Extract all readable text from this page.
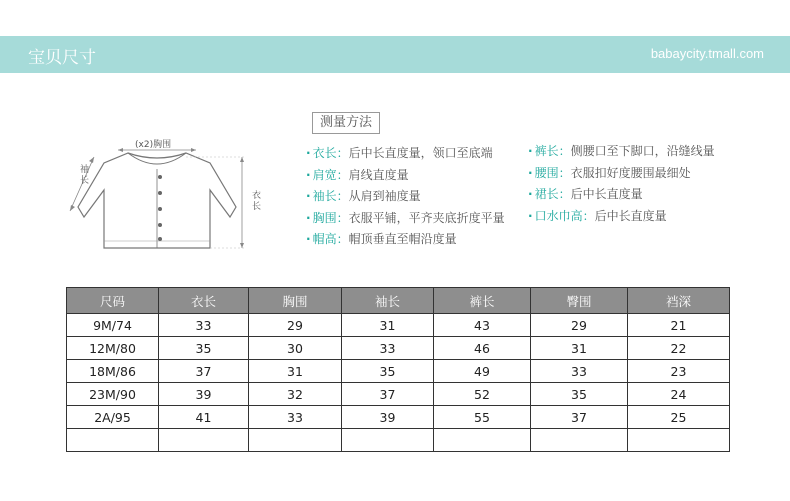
宝贝尺寸	babaycity.tmall.com
(x2)胸围
袖
长
衣
长
测量方法
· 衣长：后中长直度量，领口至底端
· 肩宽：肩线直度量
· 袖长：从肩到袖度量
· 胸围：衣服平铺，平齐夹底折度平量
· 帽高：帽顶垂直至帽沿度量
· 裤长：侧腰口至下脚口，沿缝线量
· 腰围：衣服扣好度腰围最细处
· 裙长：后中长直度量
· 口水巾高：后中长直度量
尺码	衣长	胸围	袖长	裤长	臀围	裆深
9M/74	33	29	31	43	29	21
12M/80	35	30	33	46	31	22
18M/86	37	31	35	49	33	23
23M/90	39	32	37	52	35	24
2A/95	41	33	39	55	37	25
